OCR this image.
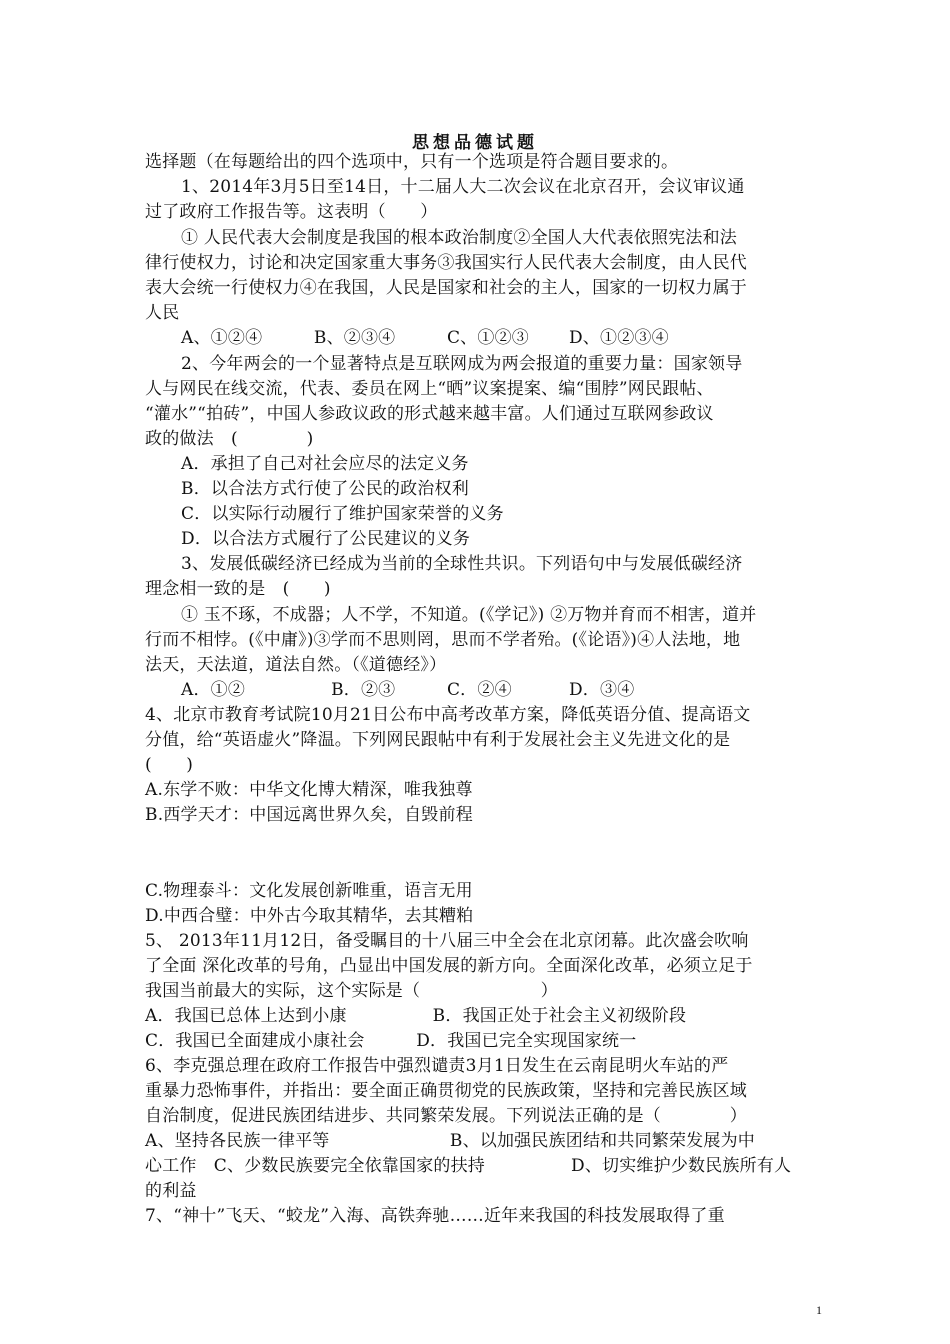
思想品德试题
选择题（在每题给出的四个选项中，只有一个选项是符合题目要求的。
1、2014年3月5日至14日，十二届人大二次会议在北京召开，会议审议通
过了政府工作报告等。这表明（　　）
① 人民代表大会制度是我国的根本政治制度②全国人大代表依照宪法和法
律行使权力，讨论和决定国家重大事务③我国实行人民代表大会制度，由人民代
表大会统一行使权力④在我国，人民是国家和社会的主人，国家的一切权力属于
人民
A、①②④　　　B、②③④　　　C、①②③　　 D、①②③④
2、今年两会的一个显著特点是互联网成为两会报道的重要力量：国家领导
人与网民在线交流，代表、委员在网上“晒”议案提案、编“围脖”网民跟帖、
“灌水”“拍砖”，中国人参政议政的形式越来越丰富。人们通过互联网参政议
政的做法　(　　　　)
A．承担了自己对社会应尽的法定义务
B．以合法方式行使了公民的政治权利
C．以实际行动履行了维护国家荣誉的义务
D．以合法方式履行了公民建议的义务
3、发展低碳经济已经成为当前的全球性共识。下列语句中与发展低碳经济
理念相一致的是　(　　)
① 玉不琢，不成器；人不学，不知道。(《学记》) ②万物并育而不相害，道并
行而不相悖。(《中庸》)③学而不思则罔，思而不学者殆。(《论语》)④人法地，地
法天，天法道，道法自然。（《道德经》）
A．①②　　　　　B．②③　　　C．②④　　　 D．③④
4、北京市教育考试院10月21日公布中高考改革方案，降低英语分值、提高语文
分值，给“英语虚火”降温。下列网民跟帖中有利于发展社会主义先进文化的是
(　　)
A.东学不败：中华文化博大精深，唯我独尊
B.西学天才：中国远离世界久矣，自毁前程
C.物理泰斗：文化发展创新唯重，语言无用
D.中西合璧：中外古今取其精华，去其糟粕
5、 2013年11月12日，备受瞩目的十八届三中全会在北京闭幕。此次盛会吹响
了全面 深化改革的号角，凸显出中国发展的新方向。全面深化改革，必须立足于
我国当前最大的实际，这个实际是（　　　　　　　）
A．我国已总体上达到小康　　　　　B．我国正处于社会主义初级阶段
C．我国已全面建成小康社会　　　D．我国已完全实现国家统一
6、李克强总理在政府工作报告中强烈谴责3月1日发生在云南昆明火车站的严
重暴力恐怖事件，并指出：要全面正确贯彻党的民族政策，坚持和完善民族区域
自治制度，促进民族团结进步、共同繁荣发展。下列说法正确的是（　　　　）
A、坚持各民族一律平等　　　　　　　B、以加强民族团结和共同繁荣发展为中
心工作　C、少数民族要完全依靠国家的扶持　　　　　D、切实维护少数民族所有人
的利益
7、“神十”飞天、“蛟龙”入海、高铁奔驰……近年来我国的科技发展取得了重
1
